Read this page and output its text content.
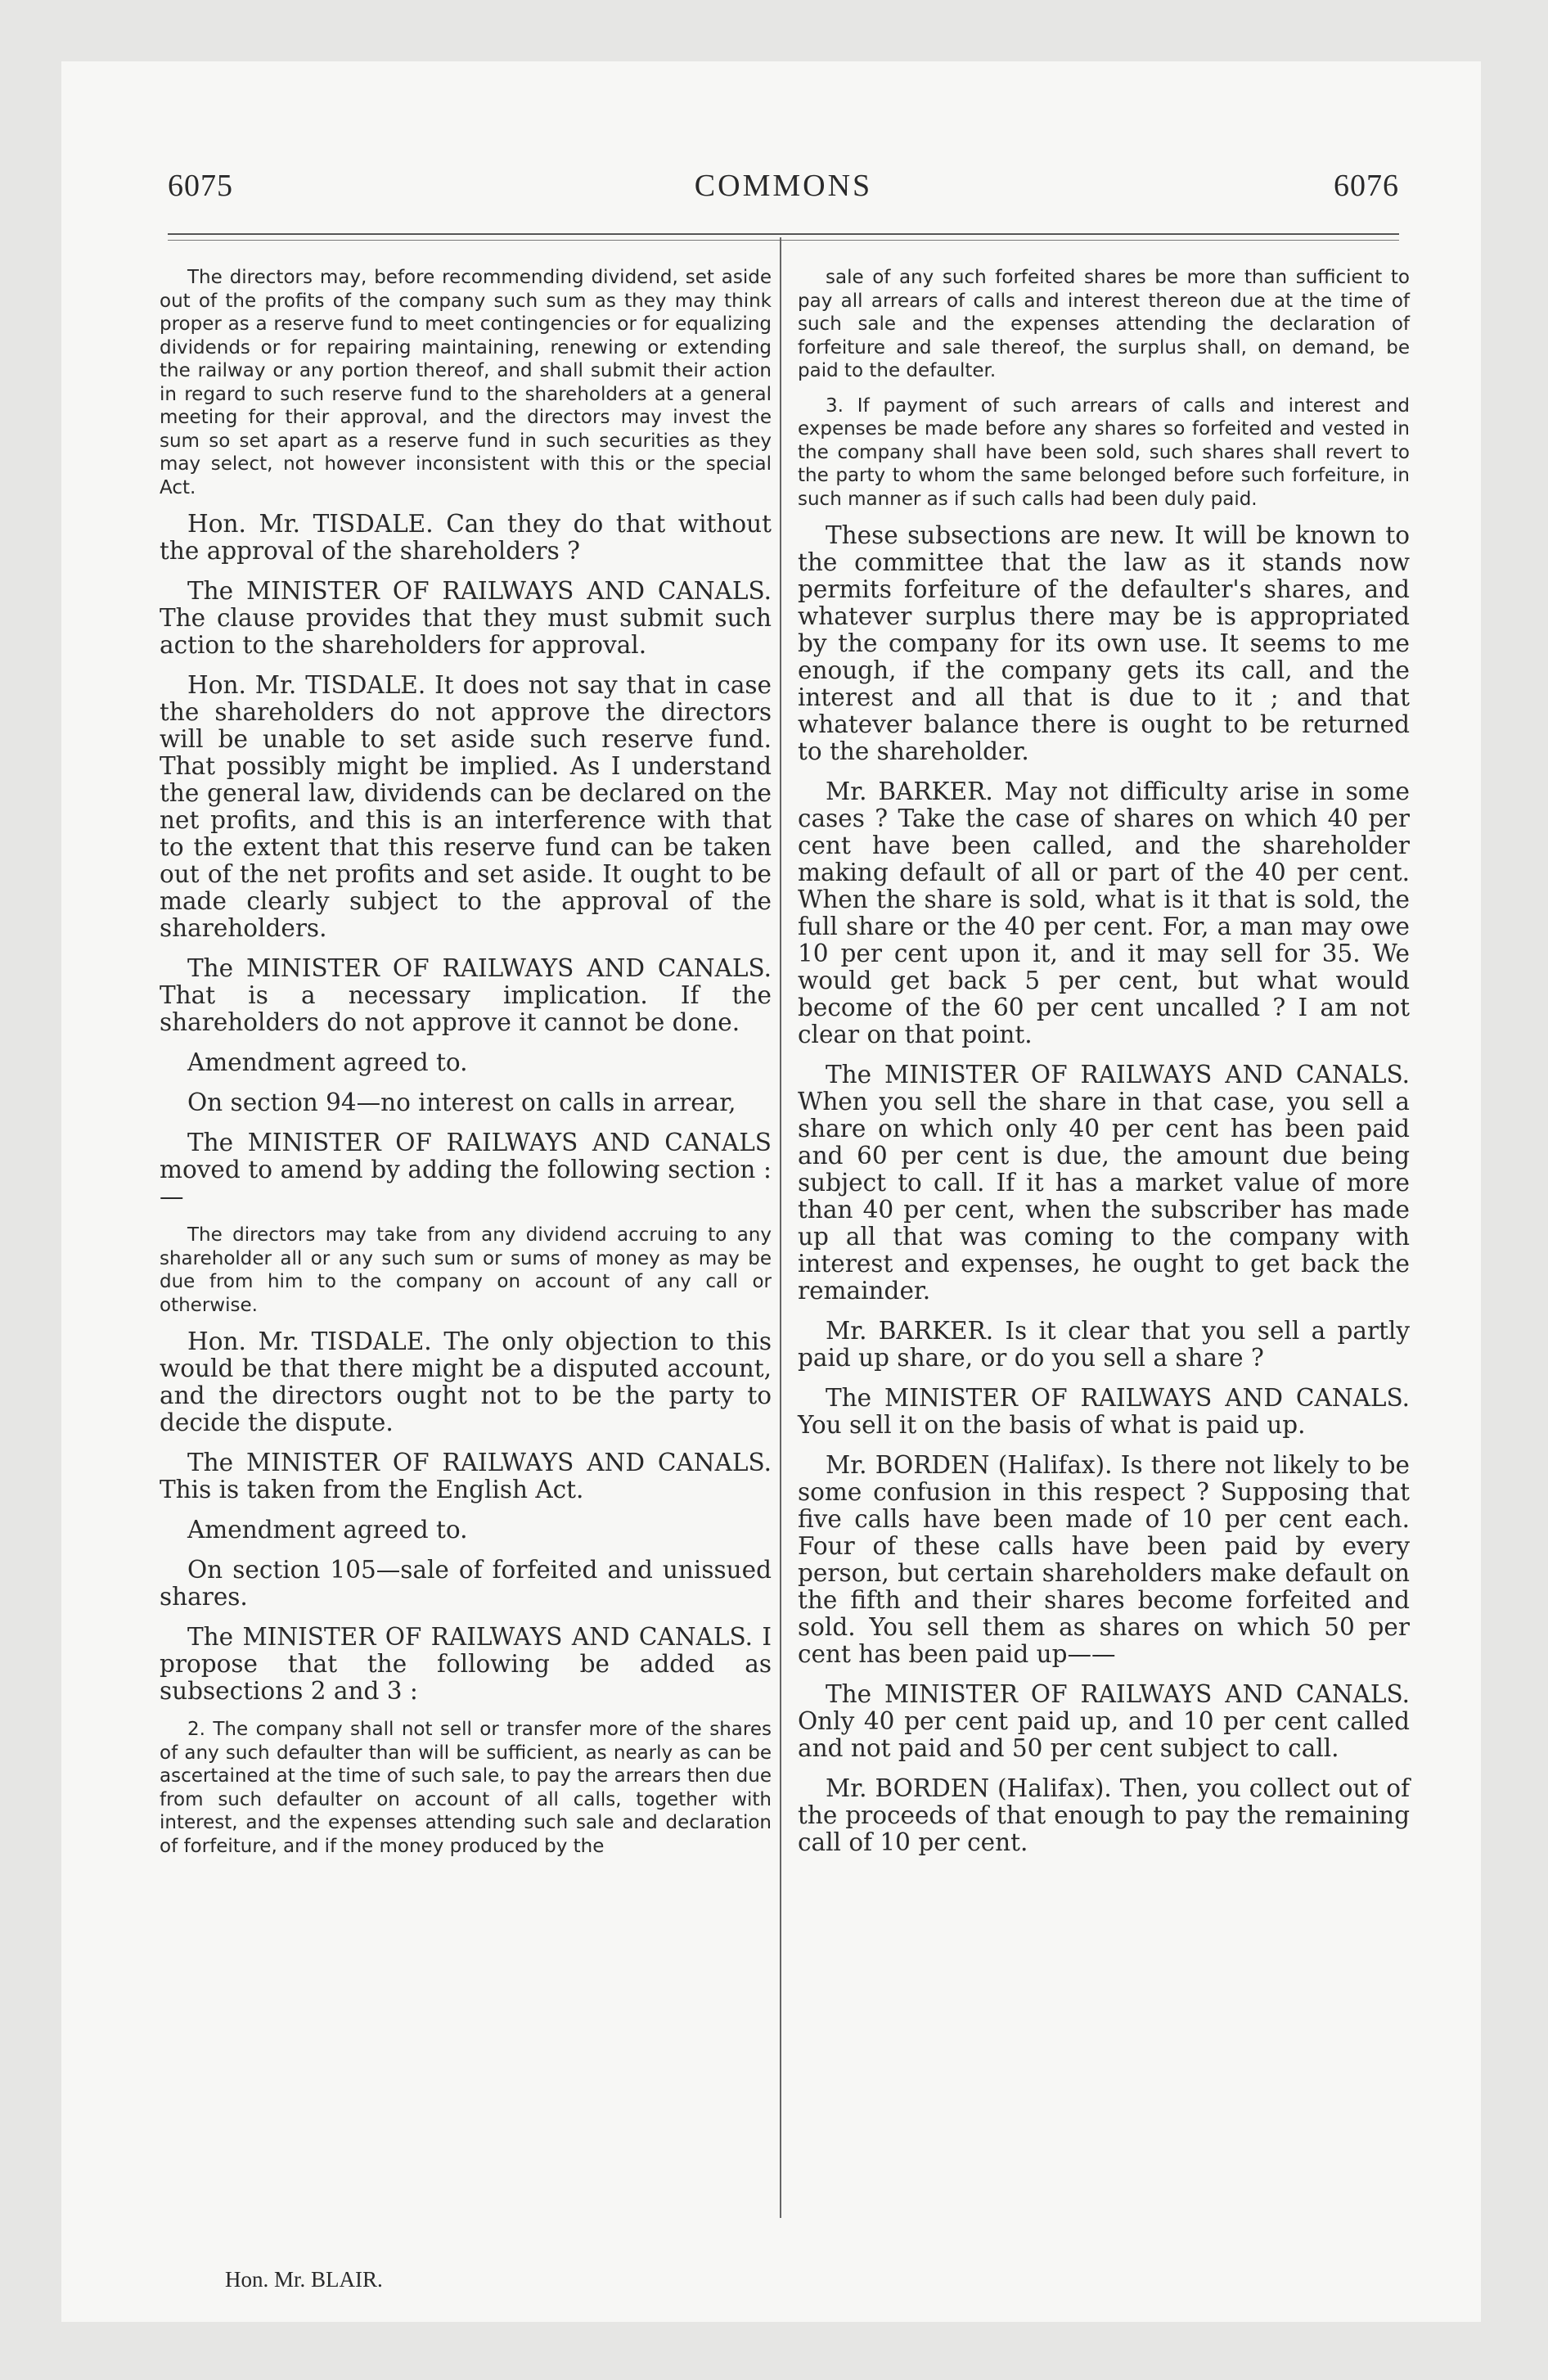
6075	COMMONS	6076

The directors may, before recommending dividend, set aside out of the profits of the company such sum as they may think proper as a reserve fund to meet contingencies or for equalizing dividends or for repairing maintaining, renewing or extending the railway or any portion thereof, and shall submit their action in regard to such reserve fund to the shareholders at a general meeting for their approval, and the directors may invest the sum so set apart as a reserve fund in such securities as they may select, not however inconsistent with this or the special Act.

Hon. Mr. TISDALE. Can they do that without the approval of the shareholders ?

The MINISTER OF RAILWAYS AND CANALS. The clause provides that they must submit such action to the shareholders for approval.

Hon. Mr. TISDALE. It does not say that in case the shareholders do not approve the directors will be unable to set aside such reserve fund. That possibly might be implied. As I understand the general law, dividends can be declared on the net profits, and this is an interference with that to the extent that this reserve fund can be taken out of the net profits and set aside. It ought to be made clearly subject to the approval of the shareholders.

The MINISTER OF RAILWAYS AND CANALS. That is a necessary implication. If the shareholders do not approve it cannot be done.

Amendment agreed to.

On section 94—no interest on calls in arrear,

The MINISTER OF RAILWAYS AND CANALS moved to amend by adding the following section :—

The directors may take from any dividend accruing to any shareholder all or any such sum or sums of money as may be due from him to the company on account of any call or otherwise.

Hon. Mr. TISDALE. The only objection to this would be that there might be a disputed account, and the directors ought not to be the party to decide the dispute.

The MINISTER OF RAILWAYS AND CANALS. This is taken from the English Act.

Amendment agreed to.

On section 105—sale of forfeited and unissued shares.

The MINISTER OF RAILWAYS AND CANALS. I propose that the following be added as subsections 2 and 3 :

2. The company shall not sell or transfer more of the shares of any such defaulter than will be sufficient, as nearly as can be ascertained at the time of such sale, to pay the arrears then due from such defaulter on account of all calls, together with interest, and the expenses attending such sale and declaration of forfeiture, and if the money produced by the

sale of any such forfeited shares be more than sufficient to pay all arrears of calls and interest thereon due at the time of such sale and the expenses attending the declaration of forfeiture and sale thereof, the surplus shall, on demand, be paid to the defaulter.

3. If payment of such arrears of calls and interest and expenses be made before any shares so forfeited and vested in the company shall have been sold, such shares shall revert to the party to whom the same belonged before such forfeiture, in such manner as if such calls had been duly paid.

These subsections are new. It will be known to the committee that the law as it stands now permits forfeiture of the defaulter's shares, and whatever surplus there may be is appropriated by the company for its own use. It seems to me enough, if the company gets its call, and the interest and all that is due to it ; and that whatever balance there is ought to be returned to the shareholder.

Mr. BARKER. May not difficulty arise in some cases ? Take the case of shares on which 40 per cent have been called, and the shareholder making default of all or part of the 40 per cent. When the share is sold, what is it that is sold, the full share or the 40 per cent. For, a man may owe 10 per cent upon it, and it may sell for 35. We would get back 5 per cent, but what would become of the 60 per cent uncalled ? I am not clear on that point.

The MINISTER OF RAILWAYS AND CANALS. When you sell the share in that case, you sell a share on which only 40 per cent has been paid and 60 per cent is due, the amount due being subject to call. If it has a market value of more than 40 per cent, when the subscriber has made up all that was coming to the company with interest and expenses, he ought to get back the remainder.

Mr. BARKER. Is it clear that you sell a partly paid up share, or do you sell a share ?

The MINISTER OF RAILWAYS AND CANALS. You sell it on the basis of what is paid up.

Mr. BORDEN (Halifax). Is there not likely to be some confusion in this respect ? Supposing that five calls have been made of 10 per cent each. Four of these calls have been paid by every person, but certain shareholders make default on the fifth and their shares become forfeited and sold. You sell them as shares on which 50 per cent has been paid up——

The MINISTER OF RAILWAYS AND CANALS. Only 40 per cent paid up, and 10 per cent called and not paid and 50 per cent subject to call.

Mr. BORDEN (Halifax). Then, you collect out of the proceeds of that enough to pay the remaining call of 10 per cent.

Hon. Mr. BLAIR.
